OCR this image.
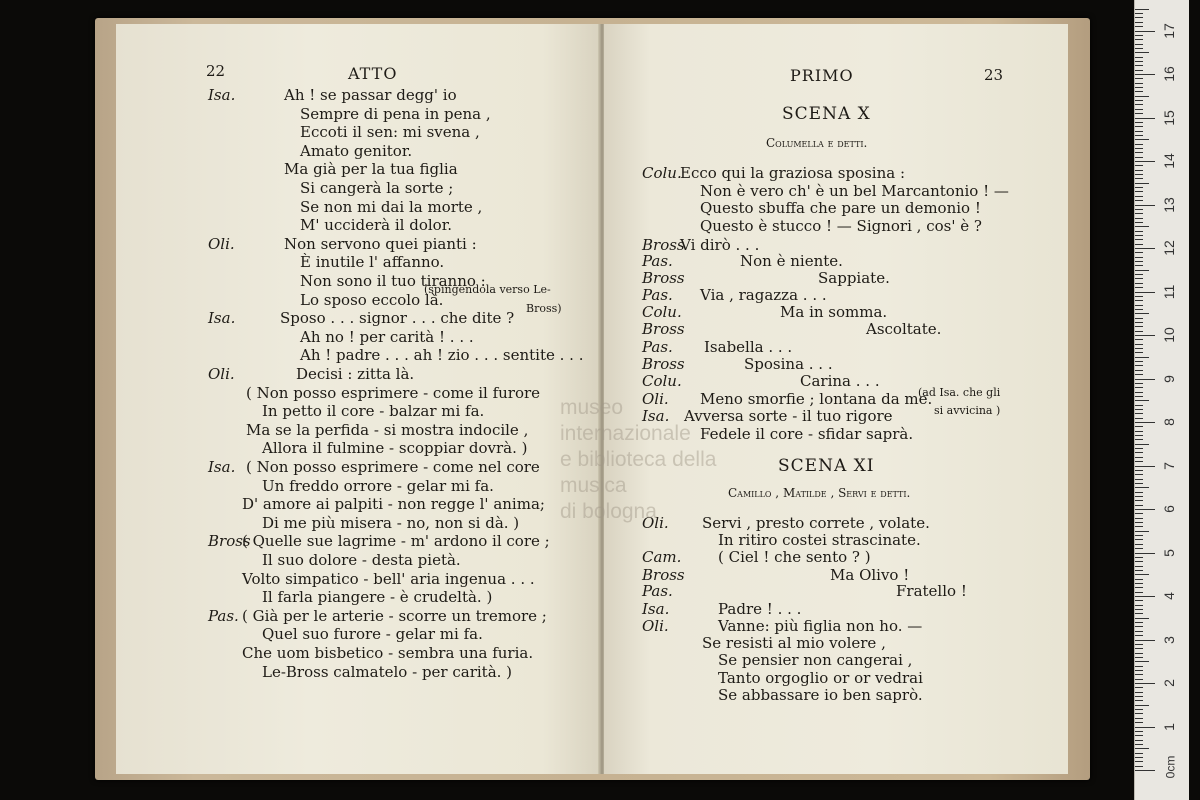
22	ATTO
Isa.	Ah ! se passar degg' io
Sempre di pena in pena ,
Eccoti il sen: mi svena ,
Amato genitor.
Ma già per la tua figlia
Si cangerà la sorte ;
Se non mi dai la morte ,
M' ucciderà il dolor.
Oli.	Non servono quei pianti :
È inutile l' affanno.
Non sono il tuo tiranno :
Lo sposo eccolo là.
Isa.	Sposo . . . signor . . . che dite ?
Ah no ! per carità ! . . .
Ah ! padre . . . ah ! zio . . . sentite . . .
Oli.	Decisi : zitta là.
( Non posso esprimere - come il furore
In petto il core - balzar mi fa.
Ma se la perfida - si mostra indocile ,
Allora il fulmine - scoppiar dovrà. )
Isa. ( Non posso esprimere - come nel core
Un freddo orrore - gelar mi fa.
D' amore ai palpiti - non regge l' anima;
Di me più misera - no, non si dà. )
Bross
( Quelle sue lagrime - m' ardono il core ;
Il suo dolore - desta pietà.
Volto simpatico - bell' aria ingenua . . .
Il farla piangere - è crudeltà. )
Pas. ( Già per le arterie - scorre un tremore ;
Quel suo furore - gelar mi fa.
Che uom bisbetico - sembra una furia.
Le-Bross calmatelo - per carità. )
(spingendola verso Le-
Bross)
PRIMO	23
SCENA X
Columella e detti.
Colu.
Ecco qui la graziosa sposina :
Non è vero ch' è un bel Marcantonio ! —
Questo sbuffa che pare un demonio !
Questo è stucco ! — Signori , cos' è ?
Bross
Vi dirò . . .
Pas.	Non è niente.
Bross	Sappiate.
Pas. Via , ragazza . . .
Colu.	Ma in somma.
Bross	Ascoltate.
Pas. Isabella . . .
Bross	Sposina . . .
Colu.	Carina . . .
Oli. Meno smorfie ; lontana da me.
Isa. Avversa sorte - il tuo rigore
Fedele il core - sfidar saprà.
(ad Isa. che gli
si avvicina )
SCENA XI
Camillo , Matilde , Servi e detti.
Oli. Servi , presto correte , volate.
In ritiro costei strascinate.
Cam. ( Ciel ! che sento ? )
Bross	Ma Olivo !
Pas.	Fratello !
Isa.	Padre ! . . .
Oli.	Vanne: più figlia non ho. —
Se resisti al mio volere ,
Se pensier non cangerai ,
Tanto orgoglio or or vedrai
Se abbassare io ben saprò.
museo internazionale
e biblioteca della musica
di bologna
1
2
3
4
5
6
7
8
9
10
11
12
13
14
15
16
17
0cm
